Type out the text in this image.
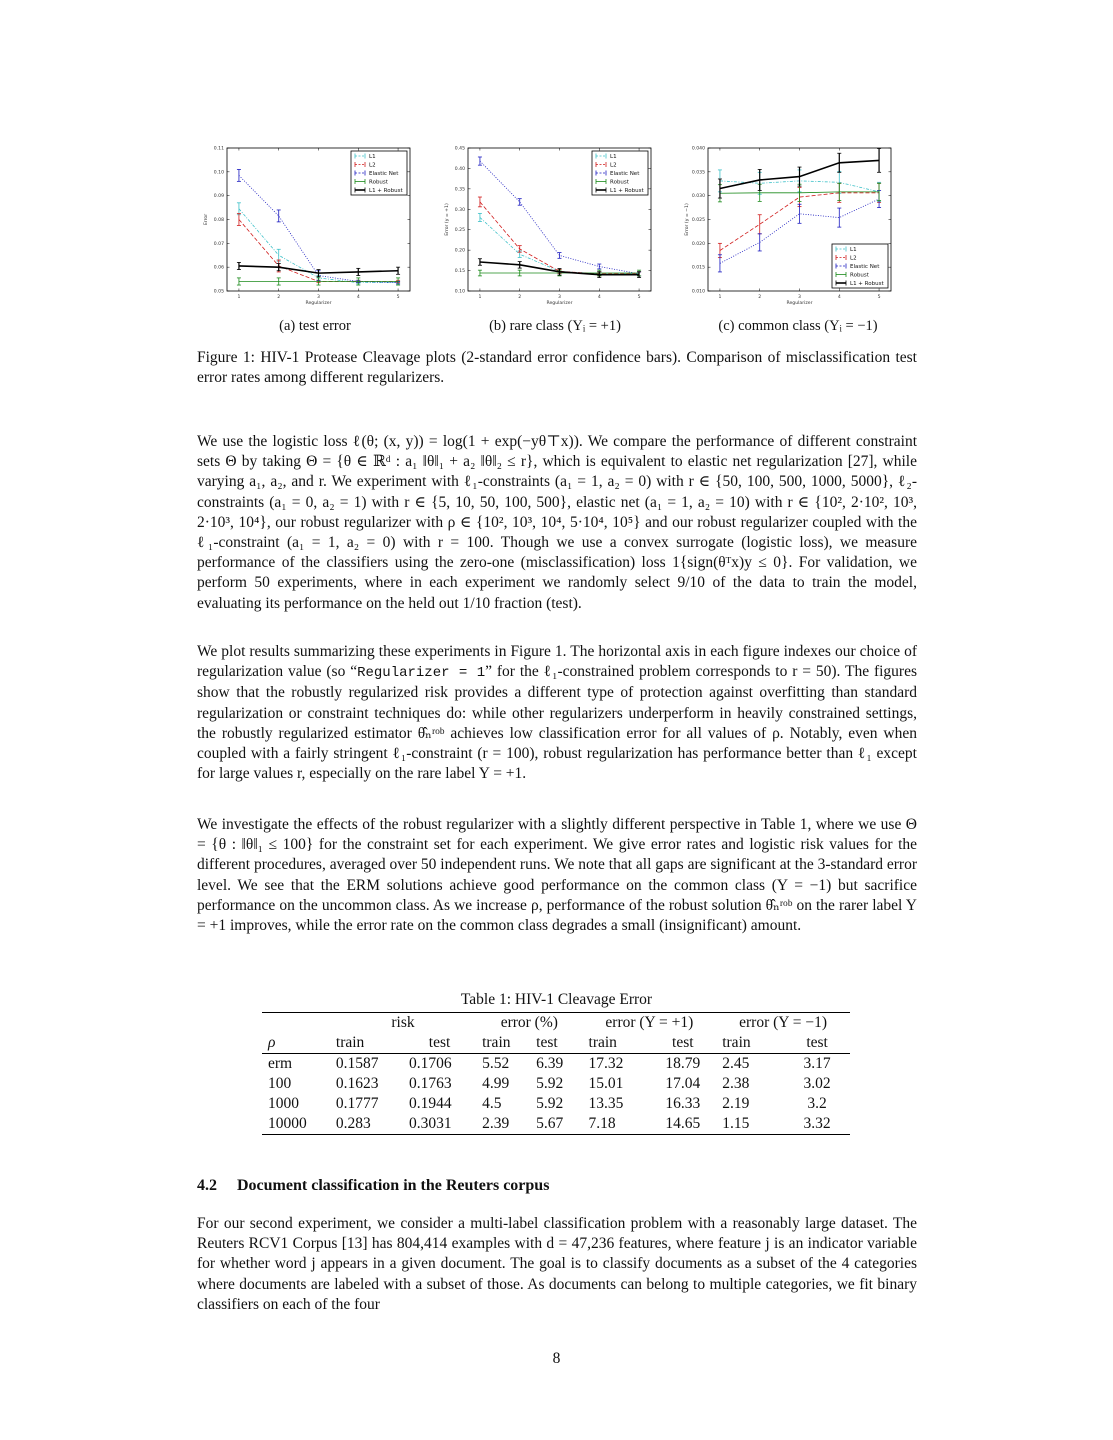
0.05
0.06
0.07
0.08
0.09
0.10
0.11
1	2	3	4	5
Regularizer
Error
L1
L2
Elastic Net
Robust
L1 + Robust
0.10
0.15
0.20
0.25
0.30
0.35
0.40
0.45
1	2	3	4	5
Regularizer
Error (y = +1)
L1
L2
Elastic Net
Robust
L1 + Robust
0.010
0.015
0.020
0.025
0.030
0.035
0.040
1	2	3	4	5
Regularizer
Error (y = −1)
L1
L2
Elastic Net
Robust
L1 + Robust
(a) test error	(b) rare class (Yᵢ = +1)	(c) common class (Yᵢ = −1)
Figure 1: HIV-1 Protease Cleavage plots (2-standard error confidence bars). Comparison of misclassification test error rates among different regularizers.
We use the logistic loss ℓ(θ; (x, y)) = log(1 + exp(−yθ⊤x)). We compare the performance of different constraint sets Θ by taking Θ = {θ ∈ ℝᵈ : a₁ ‖θ‖₁ + a₂ ‖θ‖₂ ≤ r}, which is equivalent to elastic net regularization [27], while varying a₁, a₂, and r. We experiment with ℓ₁-constraints (a₁ = 1, a₂ = 0) with r ∈ {50, 100, 500, 1000, 5000}, ℓ₂-constraints (a₁ = 0, a₂ = 1) with r ∈ {5, 10, 50, 100, 500}, elastic net (a₁ = 1, a₂ = 10) with r ∈ {10², 2·10², 10³, 2·10³, 10⁴}, our robust regularizer with ρ ∈ {10², 10³, 10⁴, 5·10⁴, 10⁵} and our robust regularizer coupled with the ℓ₁-constraint (a₁ = 1, a₂ = 0) with r = 100. Though we use a convex surrogate (logistic loss), we measure performance of the classifiers using the zero-one (misclassification) loss 1{sign(θᵀx)y ≤ 0}. For validation, we perform 50 experiments, where in each experiment we randomly select 9/10 of the data to train the model, evaluating its performance on the held out 1/10 fraction (test).
We plot results summarizing these experiments in Figure 1. The horizontal axis in each figure indexes our choice of regularization value (so “Regularizer = 1” for the ℓ₁-constrained problem corresponds to r = 50). The figures show that the robustly regularized risk provides a different type of protection against overfitting than standard regularization or constraint techniques do: while other regularizers underperform in heavily constrained settings, the robustly regularized estimator θ̂ₙʳᵒᵇ achieves low classification error for all values of ρ. Notably, even when coupled with a fairly stringent ℓ₁-constraint (r = 100), robust regularization has performance better than ℓ₁ except for large values r, especially on the rare label Y = +1.
We investigate the effects of the robust regularizer with a slightly different perspective in Table 1, where we use Θ = {θ : ‖θ‖₁ ≤ 100} for the constraint set for each experiment. We give error rates and logistic risk values for the different procedures, averaged over 50 independent runs. We note that all gaps are significant at the 3-standard error level. We see that the ERM solutions achieve good performance on the common class (Y = −1) but sacrifice performance on the uncommon class. As we increase ρ, performance of the robust solution θ̂ₙʳᵒᵇ on the rarer label Y = +1 improves, while the error rate on the common class degrades a small (insignificant) amount.
Table 1: HIV-1 Cleavage Error
	risk		error (%)		error (Y = +1)		error (Y = −1)	
ρ	train	test	train	test	train	test	train	test
erm	0.1587	0.1706	5.52	6.39	17.32	18.79	2.45	3.17
100	0.1623	0.1763	4.99	5.92	15.01	17.04	2.38	3.02
1000	0.1777	0.1944	4.5	5.92	13.35	16.33	2.19	3.2
10000	0.283	0.3031	2.39	5.67	7.18	14.65	1.15	3.32
4.2 Document classification in the Reuters corpus
For our second experiment, we consider a multi-label classification problem with a reasonably large dataset. The Reuters RCV1 Corpus [13] has 804,414 examples with d = 47,236 features, where feature j is an indicator variable for whether word j appears in a given document. The goal is to classify documents as a subset of the 4 categories where documents are labeled with a subset of those. As documents can belong to multiple categories, we fit binary classifiers on each of the four
8
